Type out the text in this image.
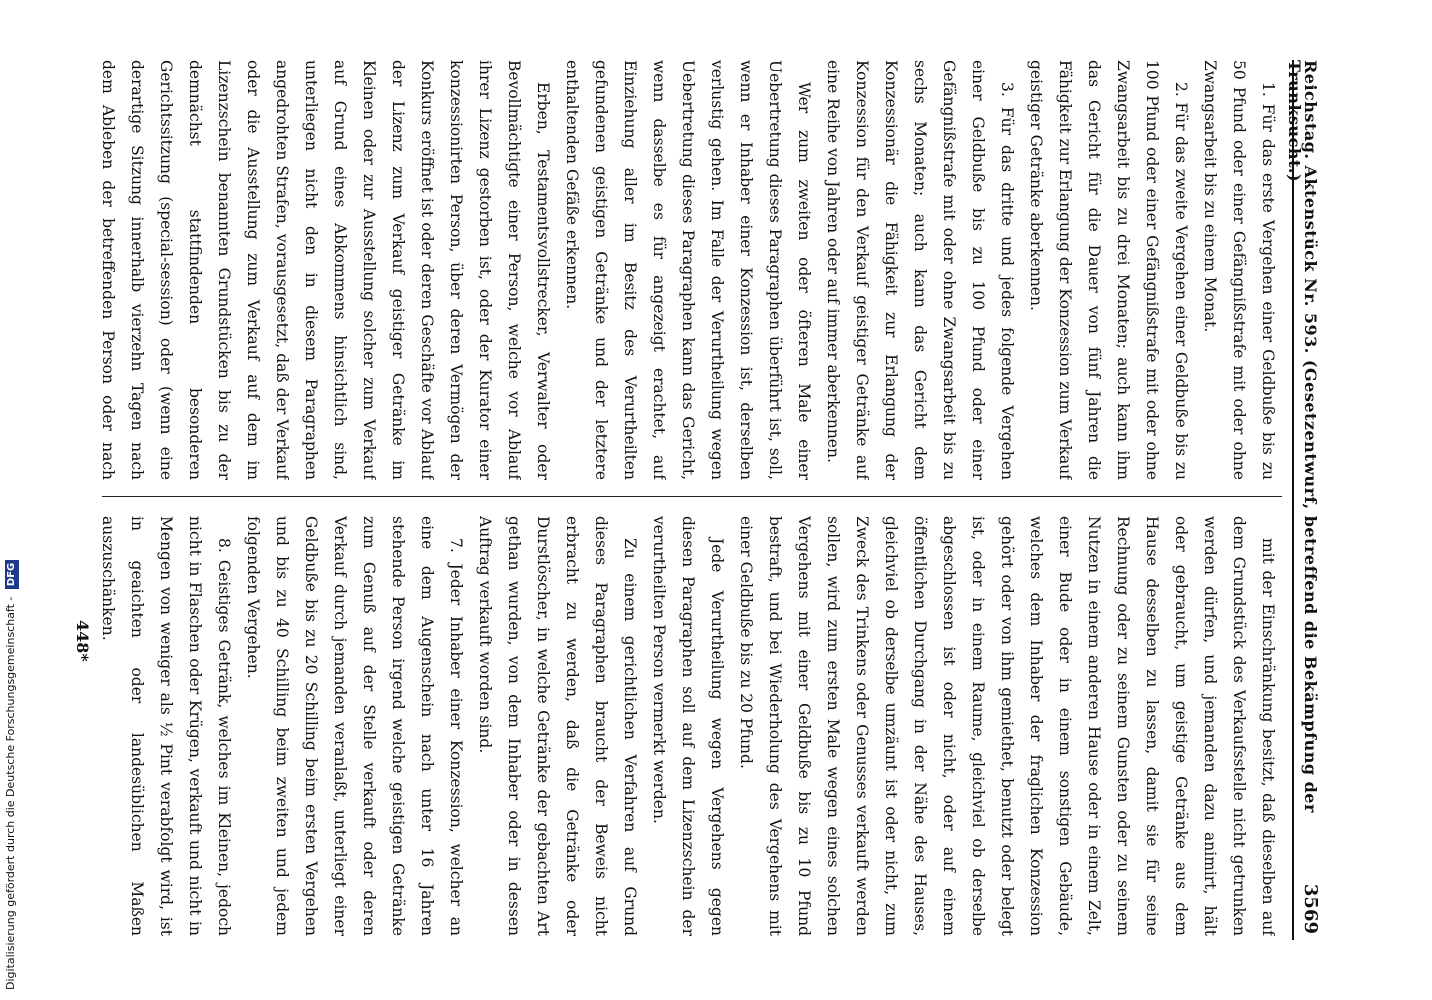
Reichstag. Aktenstück Nr. 593. (Gesetzentwurf, betreffend die Bekämpfung der Trunksucht.)
3569

1. Für das erste Vergehen einer Geldbuße bis zu 50 Pfund oder einer Gefängnißstrafe mit oder ohne Zwangsarbeit bis zu einem Monat.

2. Für das zweite Vergehen einer Geldbuße bis zu 100 Pfund oder einer Gefängnißstrafe mit oder ohne Zwangsarbeit bis zu drei Monaten; auch kann ihm das Gericht für die Dauer von fünf Jahren die Fähigkeit zur Erlangung der Konzession zum Verkauf geistiger Getränke aberkennen.

3. Für das dritte und jedes folgende Vergehen einer Geldbuße bis zu 100 Pfund oder einer Gefängnißstrafe mit oder ohne Zwangsarbeit bis zu sechs Monaten; auch kann das Gericht dem Konzessionär die Fähigkeit zur Erlangung der Konzession für den Verkauf geistiger Getränke auf eine Reihe von Jahren oder auf immer aberkennen.

Wer zum zweiten oder öfteren Male einer Uebertretung dieses Paragraphen überführt ist, soll, wenn er Inhaber einer Konzession ist, derselben verlustig gehen. Im Falle der Verurtheilung wegen Uebertretung dieses Paragraphen kann das Gericht, wenn dasselbe es für angezeigt erachtet, auf Einziehung aller im Besitz des Verurtheilten gefundenen geistigen Getränke und der letztere enthaltenden Gefäße erkennen.

Erben, Testamentsvollstrecker, Verwalter oder Bevollmächtigte einer Person, welche vor Ablauf ihrer Lizenz gestorben ist, oder der Kurator einer konzessionirten Person, über deren Vermögen der Konkurs eröffnet ist oder deren Geschäfte vor Ablauf der Lizenz zum Verkauf geistiger Getränke im Kleinen oder zur Ausstellung solcher zum Verkauf auf Grund eines Abkommens hinsichtlich sind, unterliegen nicht den in diesem Paragraphen angedrohten Strafen, vorausgesetzt, daß der Verkauf oder die Ausstellung zum Verkauf auf dem im Lizenzschein benannten Grundstücken bis zu der demnächst stattfindenden besonderen Gerichtssitzung (special-session) oder (wenn eine derartige Sitzung innerhalb vierzehn Tagen nach dem Ableben der betreffenden Person oder nach

mit der Einschränkung besitzt, daß dieselben auf dem Grundstück des Verkaufsstelle nicht getrunken werden dürfen, und jemanden dazu animirt, hält oder gebraucht, um geistige Getränke aus dem Hause desselben zu lassen, damit sie für seine Rechnung oder zu seinem Gunsten oder zu seinem Nutzen in einem anderen Hause oder in einem Zelt, einer Bude oder in einem sonstigen Gebäude, welches dem Inhaber der fraglichen Konzession gehört oder von ihm gemiethet, benutzt oder belegt ist, oder in einem Raume, gleichviel ob derselbe abgeschlossen ist oder nicht, oder auf einem öffentlichen Durchgang in der Nähe des Hauses, gleichviel ob derselbe umzäunt ist oder nicht, zum Zweck des Trinkens oder Genusses verkauft werden sollen, wird zum ersten Male wegen eines solchen Vergehens mit einer Geldbuße bis zu 10 Pfund bestraft, und bei Wiederholung des Vergehens mit einer Geldbuße bis zu 20 Pfund.

Jede Verurtheilung wegen Vergehens gegen diesen Paragraphen soll auf dem Lizenzschein der verurtheilten Person vermerkt werden.

Zu einem gerichtlichen Verfahren auf Grund dieses Paragraphen braucht der Beweis nicht erbracht zu werden, daß die Getränke oder Durstlöscher, in welche Getränke der gebachten Art gethan wurden, von dem Inhaber oder in dessen Auftrag verkauft worden sind.

7. Jeder Inhaber einer Konzession, welcher an eine dem Augenschein nach unter 16 Jahren stehende Person irgend welche geistigen Getränke zum Genuß auf der Stelle verkauft oder deren Verkauf durch jemanden veranlaßt, unterliegt einer Geldbuße bis zu 20 Schilling beim ersten Vergehen und bis zu 40 Schilling beim zweiten und jedem folgenden Vergehen.

8. Geistiges Getränk, welches im Kleinen, jedoch nicht in Flaschen oder Krügen, verkauft und nicht in Mengen von weniger als ½ Pint verabfolgt wird, ist in geaichten oder landesüblichen Maßen auszuschänken.

448*
Digitalisierung gefördert durch die Deutsche Forschungsgemeinschaft - DFG
